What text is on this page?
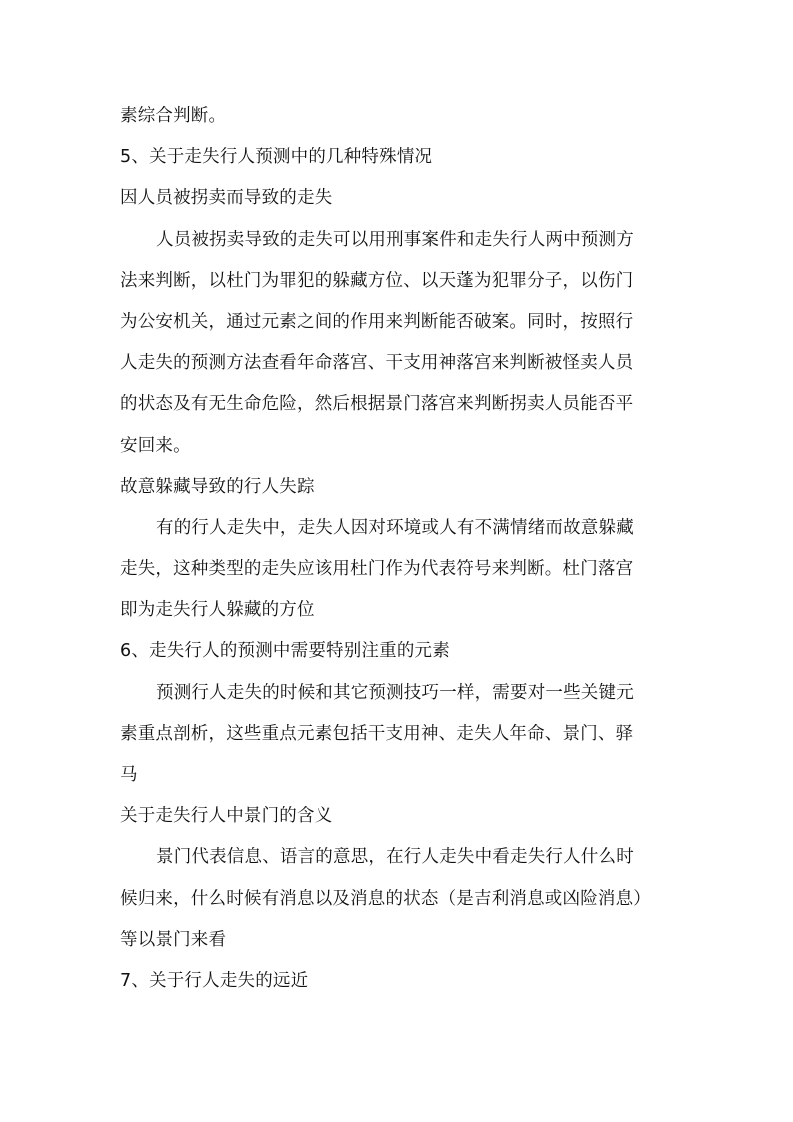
素综合判断。
5、关于走失行人预测中的几种特殊情况
因人员被拐卖而导致的走失
人员被拐卖导致的走失可以用刑事案件和走失行人两中预测方
法来判断，以杜门为罪犯的躲藏方位、以天蓬为犯罪分子，以伤门
为公安机关，通过元素之间的作用来判断能否破案。同时，按照行
人走失的预测方法查看年命落宫、干支用神落宫来判断被怪卖人员
的状态及有无生命危险，然后根据景门落宫来判断拐卖人员能否平
安回来。
故意躲藏导致的行人失踪
有的行人走失中，走失人因对环境或人有不满情绪而故意躲藏
走失，这种类型的走失应该用杜门作为代表符号来判断。杜门落宫
即为走失行人躲藏的方位
6、走失行人的预测中需要特别注重的元素
预测行人走失的时候和其它预测技巧一样，需要对一些关键元
素重点剖析，这些重点元素包括干支用神、走失人年命、景门、驿
马
关于走失行人中景门的含义
景门代表信息、语言的意思，在行人走失中看走失行人什么时
候归来，什么时候有消息以及消息的状态（是吉利消息或凶险消息）
等以景门来看
7、关于行人走失的远近
